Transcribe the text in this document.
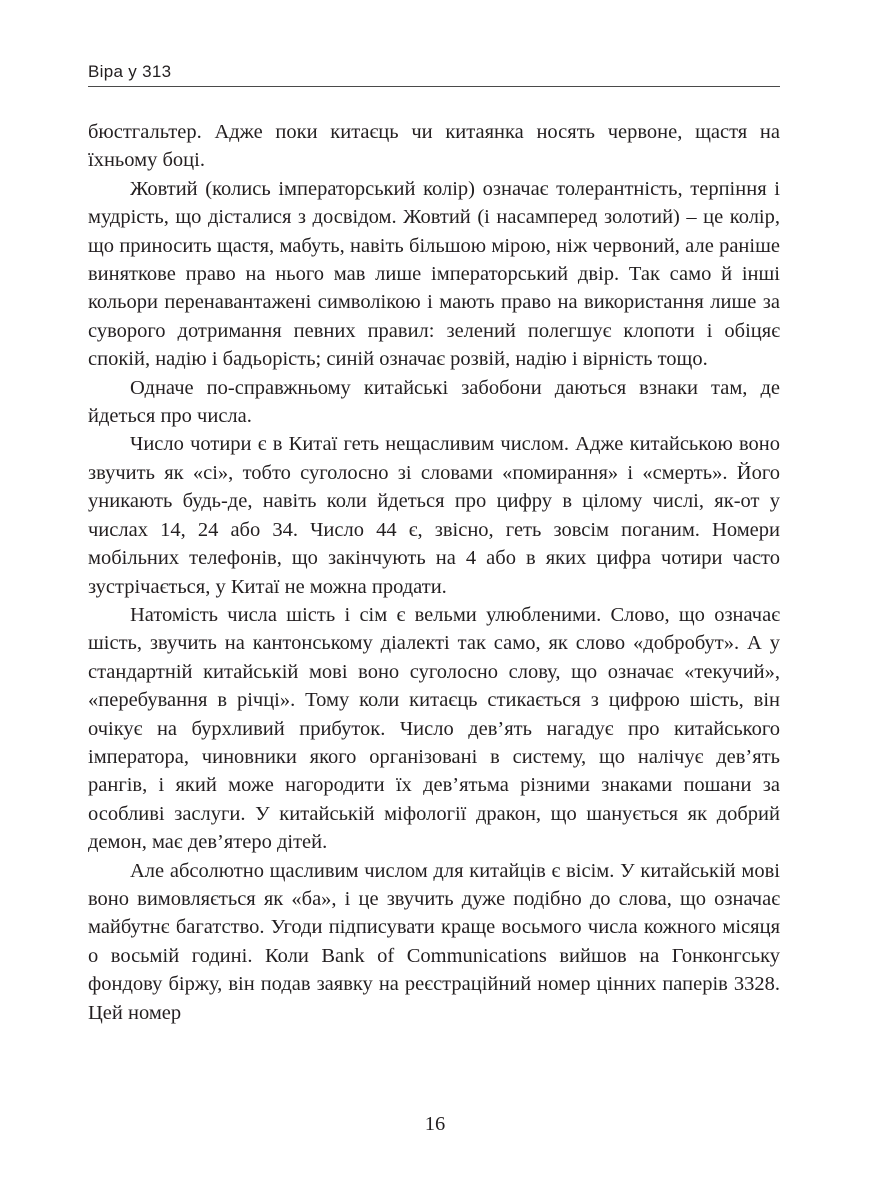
Віра у 313

бюстгальтер. Адже поки китаєць чи китаянка носять червоне, щастя на їхньому боці.

Жовтий (колись імператорський колір) означає толерантність, терпіння і мудрість, що дісталися з досвідом. Жовтий (і насамперед золотий) – це колір, що приносить щастя, мабуть, навіть більшою мірою, ніж червоний, але раніше виняткове право на нього мав лише імператорський двір. Так само й інші кольори перенавантажені символікою і мають право на використання лише за суворого дотримання певних правил: зелений полегшує клопоти і обіцяє спокій, надію і бадьорість; синій означає розвій, надію і вірність тощо.

Одначе по-справжньому китайські забобони даються взнаки там, де йдеться про числа.

Число чотири є в Китаї геть нещасливим числом. Адже китайською воно звучить як «сі», тобто суголосно зі словами «помирання» і «смерть». Його уникають будь-де, навіть коли йдеться про цифру в цілому числі, як-от у числах 14, 24 або 34. Число 44 є, звісно, геть зовсім поганим. Номери мобільних телефонів, що закінчують на 4 або в яких цифра чотири часто зустрічається, у Китаї не можна продати.

Натомість числа шість і сім є вельми улюбленими. Слово, що означає шість, звучить на кантонському діалекті так само, як слово «добробут». А у стандартній китайській мові воно суголосно слову, що означає «текучий», «перебування в річці». Тому коли китаєць стикається з цифрою шість, він очікує на бурхливий прибуток. Число дев’ять нагадує про китайського імператора, чиновники якого організовані в систему, що налічує дев’ять рангів, і який може нагородити їх дев’ятьма різними знаками пошани за особливі заслуги. У китайській міфології дракон, що шанується як добрий демон, має дев’ятеро дітей.

Але абсолютно щасливим числом для китайців є вісім. У китайській мові воно вимовляється як «ба», і це звучить дуже подібно до слова, що означає майбутнє багатство. Угоди підписувати краще восьмого числа кожного місяця о восьмій годині. Коли Bank of Communications вийшов на Гонконгську фондову біржу, він подав заявку на реєстраційний номер цінних паперів 3328. Цей номер

16
